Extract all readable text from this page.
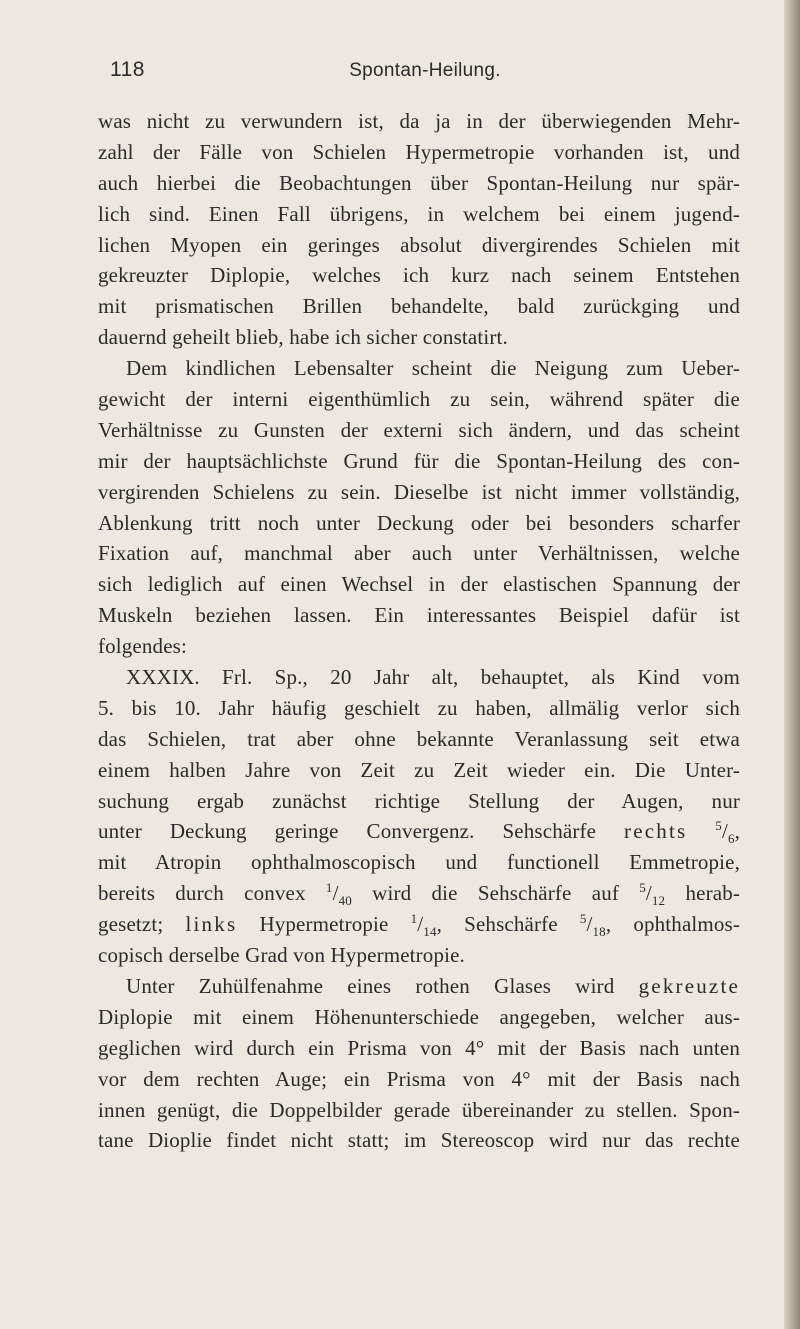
118	Spontan-Heilung.
was nicht zu verwundern ist, da ja in der überwiegenden Mehr-
zahl der Fälle von Schielen Hypermetropie vorhanden ist, und
auch hierbei die Beobachtungen über Spontan-Heilung nur spär-
lich sind. Einen Fall übrigens, in welchem bei einem jugend-
lichen Myopen ein geringes absolut divergirendes Schielen mit
gekreuzter Diplopie, welches ich kurz nach seinem Entstehen
mit prismatischen Brillen behandelte, bald zurückging und
dauernd geheilt blieb, habe ich sicher constatirt.
Dem kindlichen Lebensalter scheint die Neigung zum Ueber-
gewicht der interni eigenthümlich zu sein, während später die
Verhältnisse zu Gunsten der externi sich ändern, und das scheint
mir der hauptsächlichste Grund für die Spontan-Heilung des con-
vergirenden Schielens zu sein. Dieselbe ist nicht immer vollständig,
Ablenkung tritt noch unter Deckung oder bei besonders scharfer
Fixation auf, manchmal aber auch unter Verhältnissen, welche
sich lediglich auf einen Wechsel in der elastischen Spannung der
Muskeln beziehen lassen. Ein interessantes Beispiel dafür ist
folgendes:
XXXIX. Frl. Sp., 20 Jahr alt, behauptet, als Kind vom
5. bis 10. Jahr häufig geschielt zu haben, allmälig verlor sich
das Schielen, trat aber ohne bekannte Veranlassung seit etwa
einem halben Jahre von Zeit zu Zeit wieder ein. Die Unter-
suchung ergab zunächst richtige Stellung der Augen, nur
unter Deckung geringe Convergenz. Sehschärfe rechts $^5/_6$,
mit Atropin ophthalmoscopisch und functionell Emmetropie,
bereits durch convex $^1/_{40}$ wird die Sehschärfe auf $^5/_{12}$ herab-
gesetzt; links Hypermetropie $^1/_{14}$, Sehschärfe $^5/_{18}$, ophthalmos-
copisch derselbe Grad von Hypermetropie.
Unter Zuhülfenahme eines rothen Glases wird gekreuzte
Diplopie mit einem Höhenunterschiede angegeben, welcher aus-
geglichen wird durch ein Prisma von 4° mit der Basis nach unten
vor dem rechten Auge; ein Prisma von 4° mit der Basis nach
innen genügt, die Doppelbilder gerade übereinander zu stellen. Spon-
tane Dioplie findet nicht statt; im Stereoscop wird nur das rechte
